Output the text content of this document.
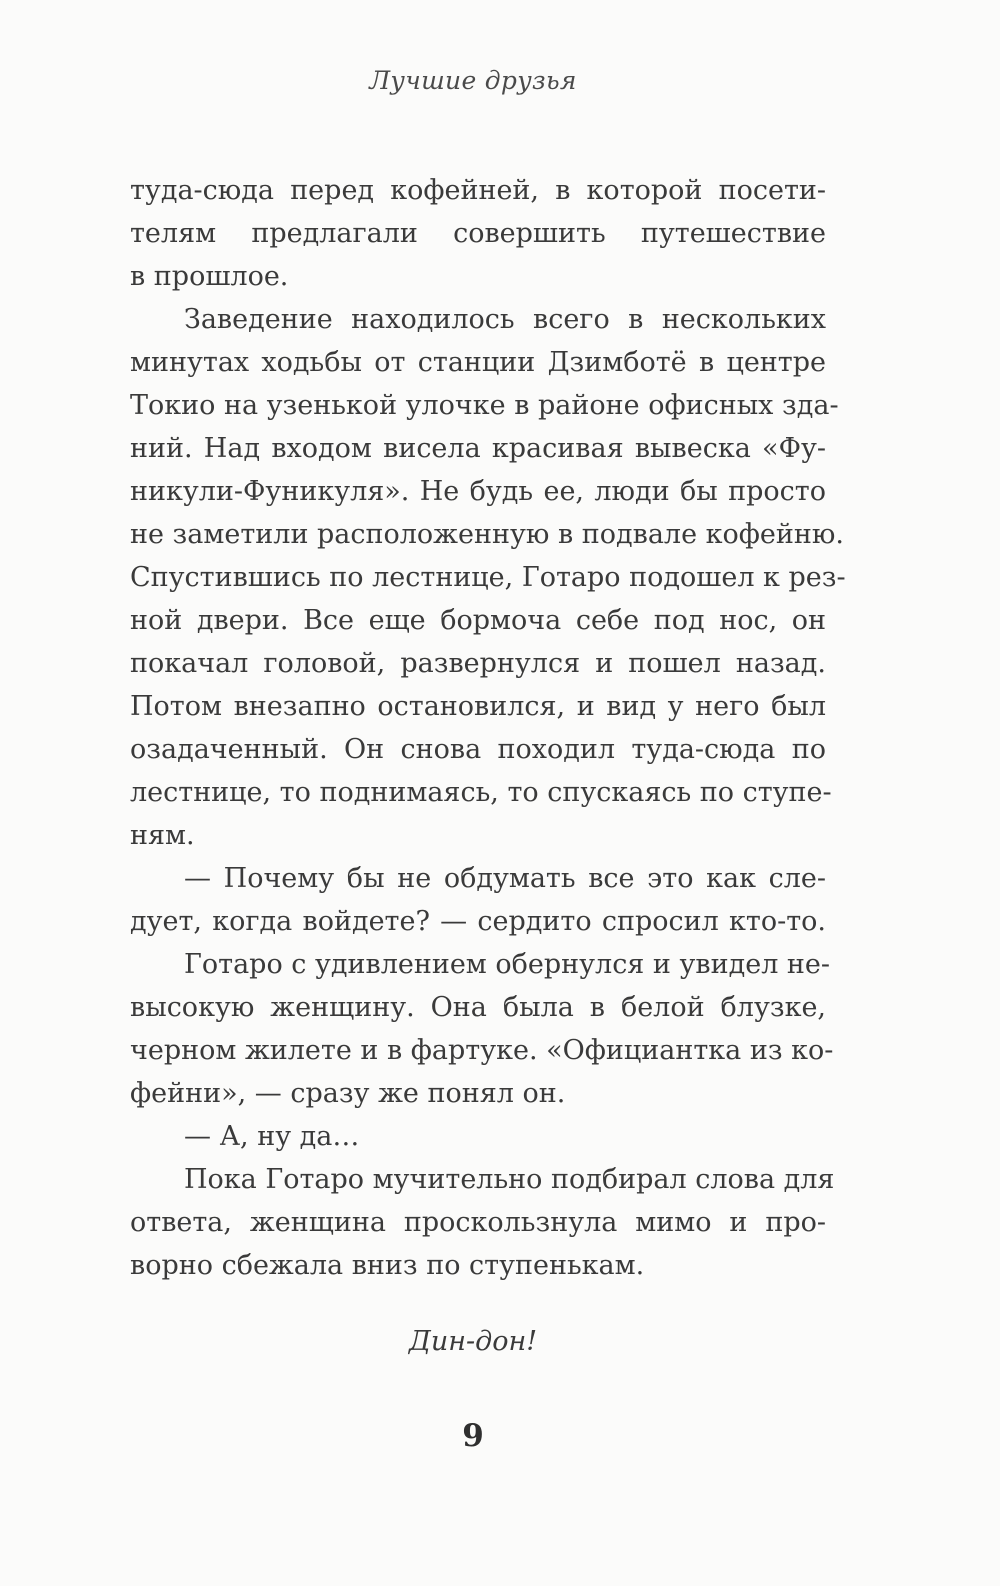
Лучшие друзья
туда-сюда перед кофейней, в которой посети-
телям предлагали совершить путешествие
в прошлое.
Заведение находилось всего в нескольких
минутах ходьбы от станции Дзимботё в центре
Токио на узенькой улочке в районе офисных зда-
ний. Над входом висела красивая вывеска «Фу-
никули-Фуникуля». Не будь ее, люди бы просто
не заметили расположенную в подвале кофейню.
Спустившись по лестнице, Готаро подошел к рез-
ной двери. Все еще бормоча себе под нос, он
покачал головой, развернулся и пошел назад.
Потом внезапно остановился, и вид у него был
озадаченный. Он снова походил туда-сюда по
лестнице, то поднимаясь, то спускаясь по ступе-
ням.
— Почему бы не обдумать все это как сле-
дует, когда войдете? — сердито спросил кто-то.
Готаро с удивлением обернулся и увидел не-
высокую женщину. Она была в белой блузке,
черном жилете и в фартуке. «Официантка из ко-
фейни», — сразу же понял он.
— А, ну да…
Пока Готаро мучительно подбирал слова для
ответа, женщина проскользнула мимо и про-
ворно сбежала вниз по ступенькам.
Дин-дон!
9
